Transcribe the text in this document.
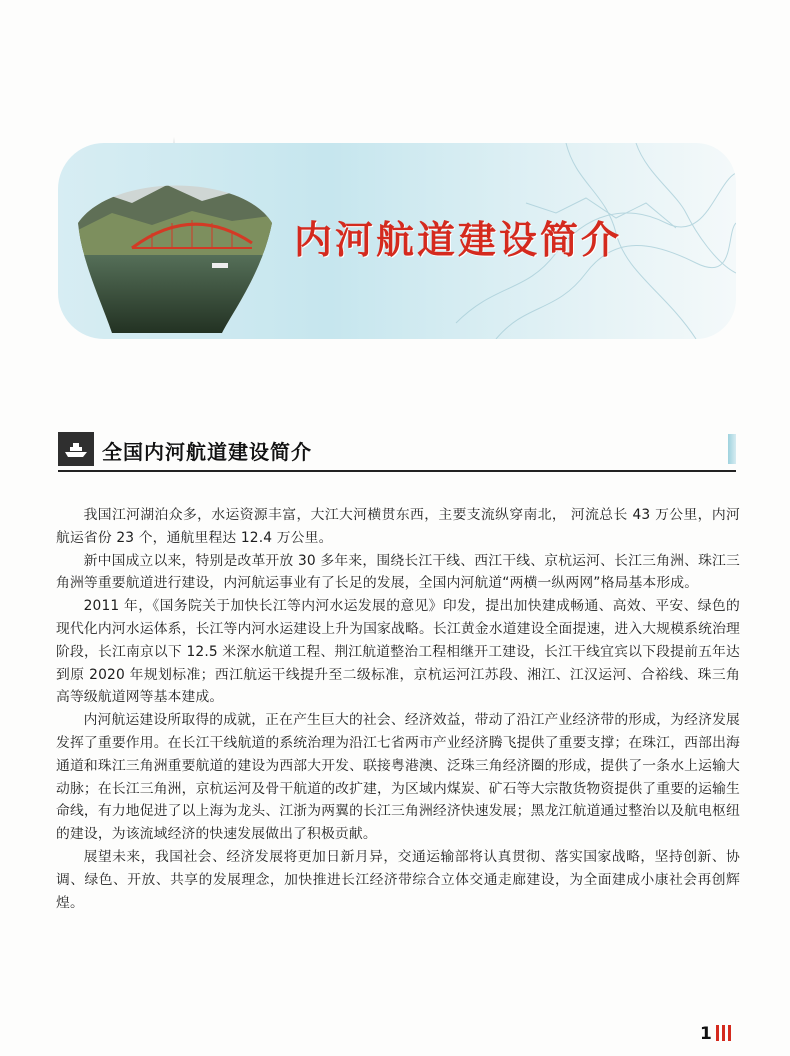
内河航道建设简介
全国内河航道建设简介

我国江河湖泊众多，水运资源丰富，大江大河横贯东西，主要支流纵穿南北， 河流总长 43 万公里，内河航运省份 23 个，通航里程达 12.4 万公里。

新中国成立以来，特别是改革开放 30 多年来，围绕长江干线、西江干线、京杭运河、长江三角洲、珠江三角洲等重要航道进行建设，内河航运事业有了长足的发展，全国内河航道“两横一纵两网”格局基本形成。

2011 年，《国务院关于加快长江等内河水运发展的意见》印发，提出加快建成畅通、高效、平安、绿色的现代化内河水运体系，长江等内河水运建设上升为国家战略。长江黄金水道建设全面提速，进入大规模系统治理阶段，长江南京以下 12.5 米深水航道工程、荆江航道整治工程相继开工建设，长江干线宜宾以下段提前五年达到原 2020 年规划标准；西江航运干线提升至二级标准，京杭运河江苏段、湘江、江汉运河、合裕线、珠三角高等级航道网等基本建成。

内河航运建设所取得的成就，正在产生巨大的社会、经济效益，带动了沿江产业经济带的形成，为经济发展发挥了重要作用。在长江干线航道的系统治理为沿江七省两市产业经济腾飞提供了重要支撑；在珠江，西部出海通道和珠江三角洲重要航道的建设为西部大开发、联接粤港澳、泛珠三角经济圈的形成，提供了一条水上运输大动脉；在长江三角洲，京杭运河及骨干航道的改扩建，为区域内煤炭、矿石等大宗散货物资提供了重要的运输生命线，有力地促进了以上海为龙头、江浙为两翼的长江三角洲经济快速发展；黑龙江航道通过整治以及航电枢纽的建设，为该流域经济的快速发展做出了积极贡献。

展望未来，我国社会、经济发展将更加日新月异，交通运输部将认真贯彻、落实国家战略，坚持创新、协调、绿色、开放、共享的发展理念，加快推进长江经济带综合立体交通走廊建设，为全面建成小康社会再创辉煌。

1
